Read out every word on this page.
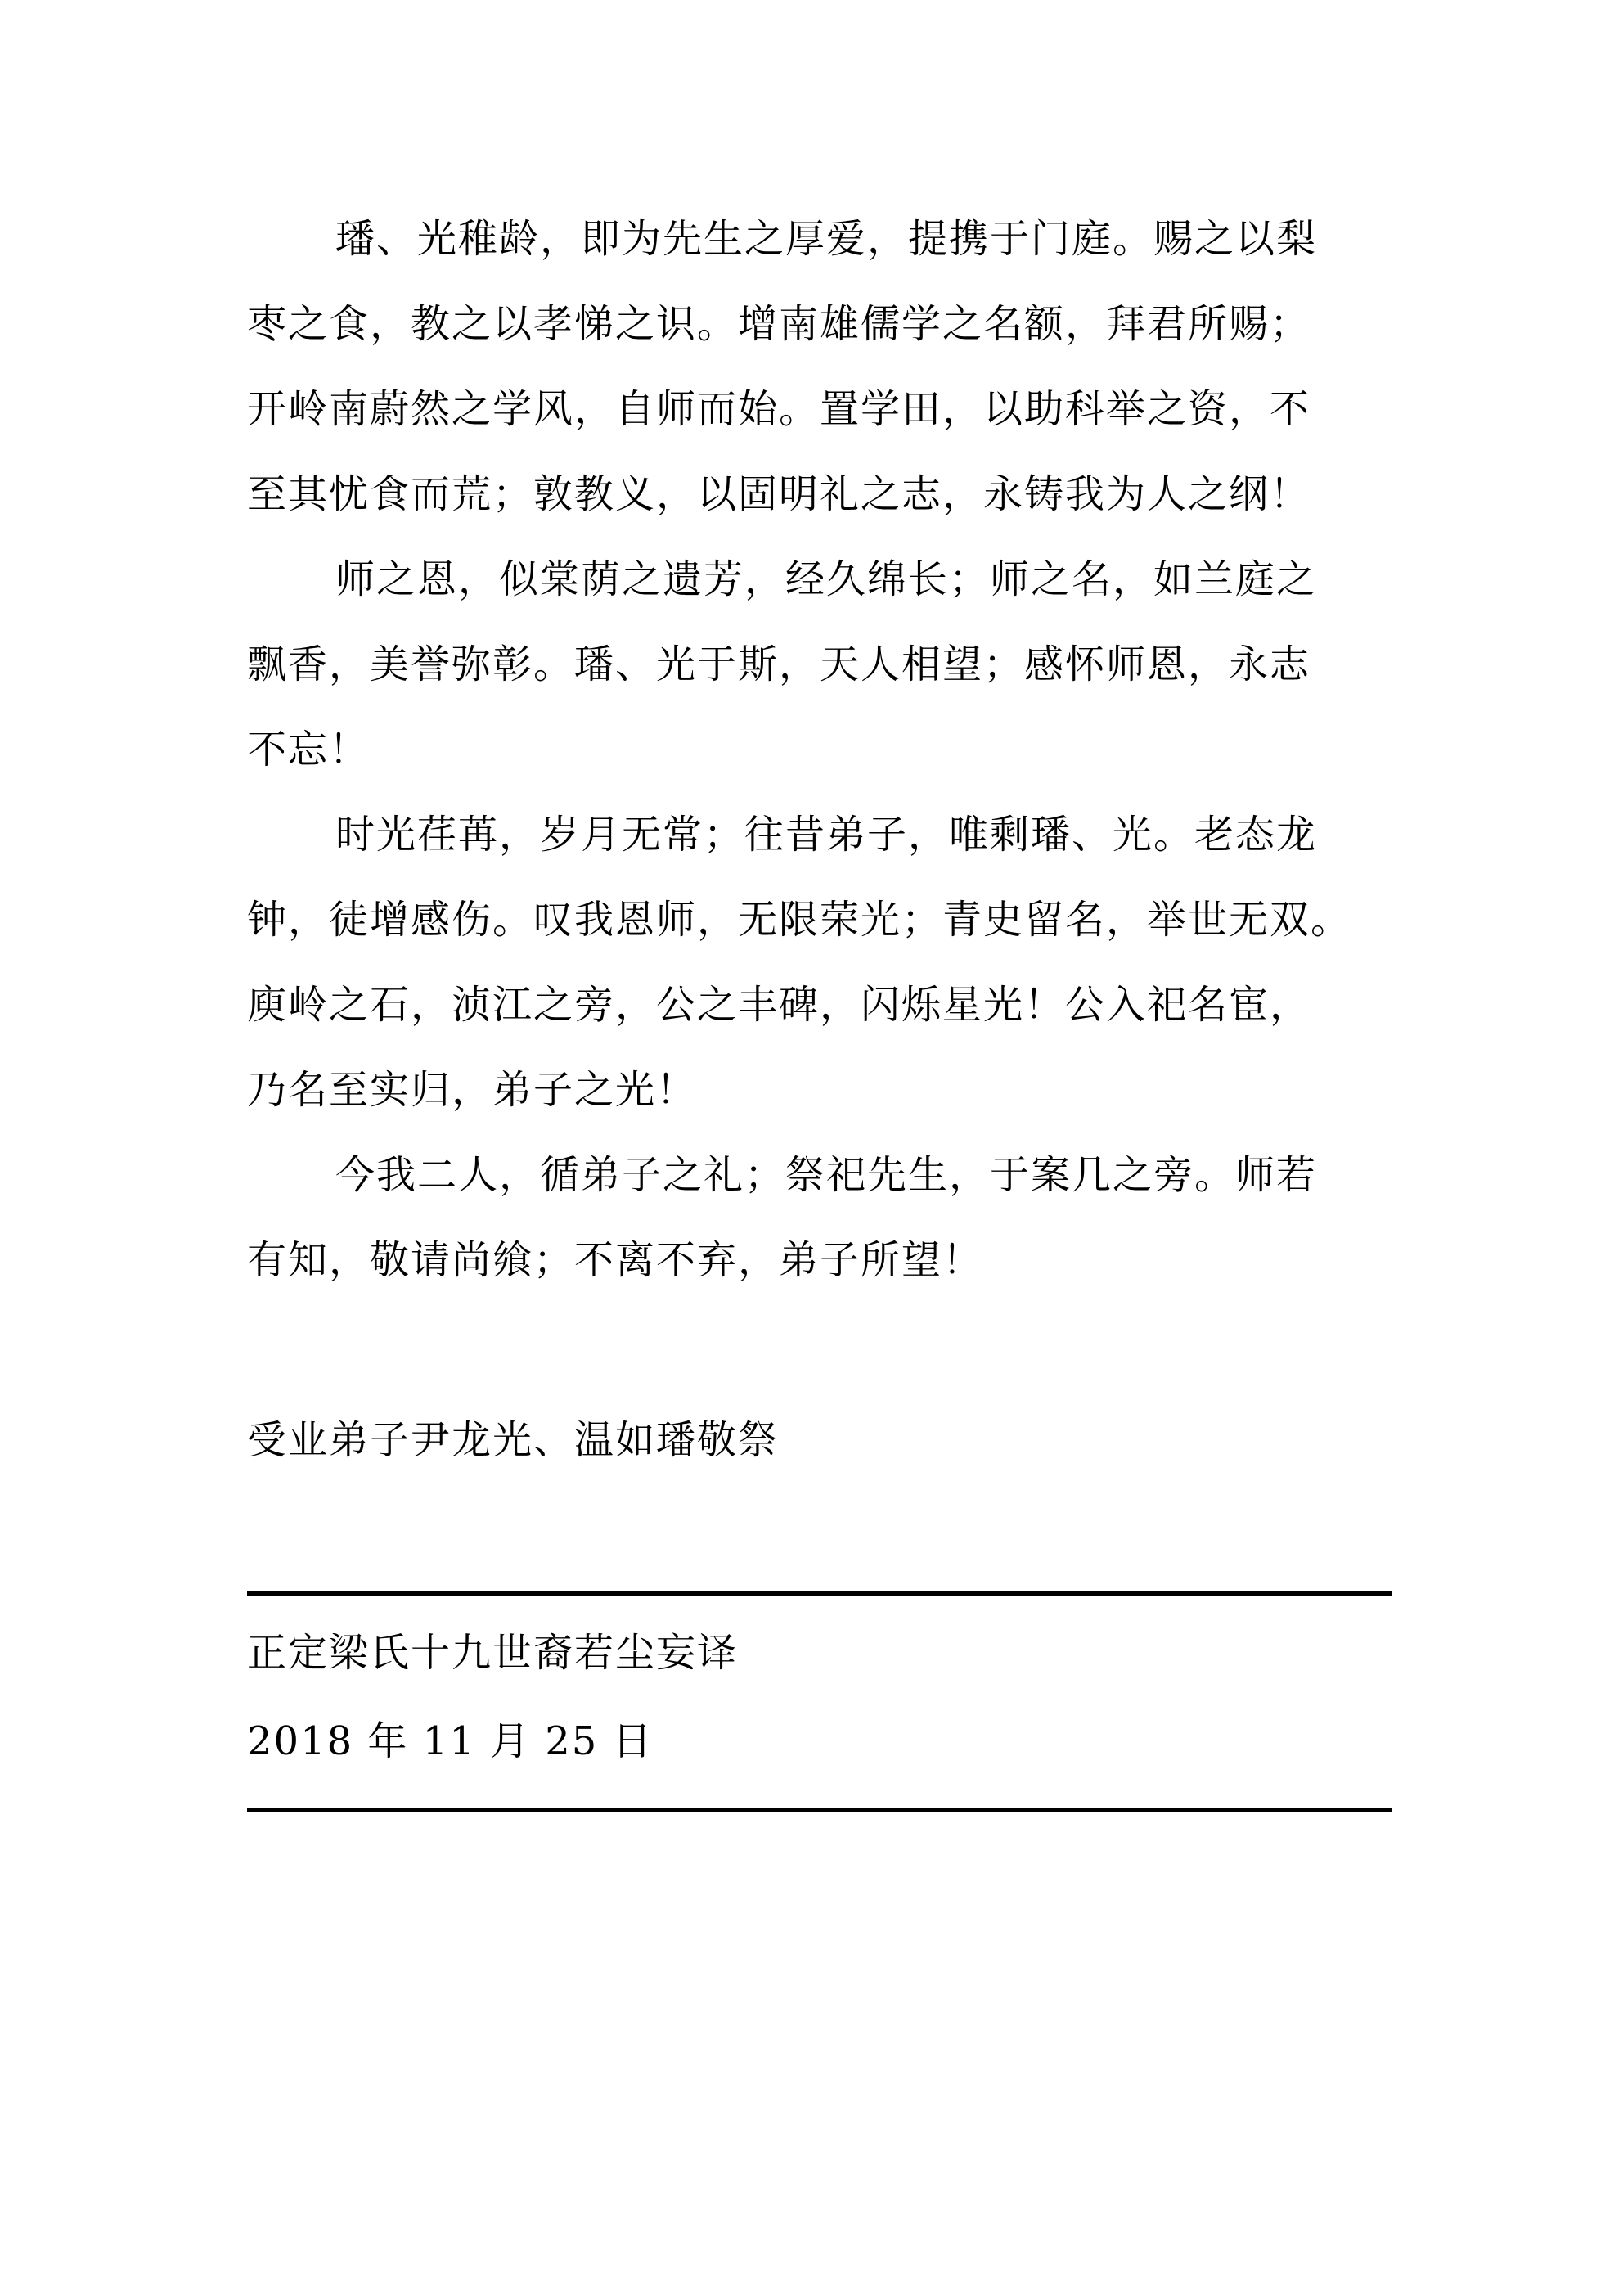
璠、光稚龄，即为先生之厚爱，提携于门庭。赐之以梨
枣之食，教之以孝悌之识。增南雄儒学之名额，拜君所赐；
开岭南蔚然之学风，自师而始。置学田，以助科举之资，不
至其忧食而荒；敦教义，以固明礼之志，永铸我为人之纲！

师之恩，似棠荫之遗芳，经久绵长；师之名，如兰庭之
飘香，美誉弥彰。璠、光于斯，天人相望；感怀师恩，永志
不忘！

时光荏苒，岁月无常；往昔弟子，唯剩璠、光。老态龙
钟，徒增感伤。叹我恩师，无限荣光；青史留名，举世无双。
庾岭之石，浈江之旁，公之丰碑，闪烁星光！公入祀名宦，
乃名至实归，弟子之光！

今我二人，循弟子之礼；祭祀先生，于案几之旁。师若
有知，敬请尚飨；不离不弃，弟子所望！

受业弟子尹龙光、温如璠敬祭
正定梁氏十九世裔若尘妄译
2018 年 11 月 25 日
